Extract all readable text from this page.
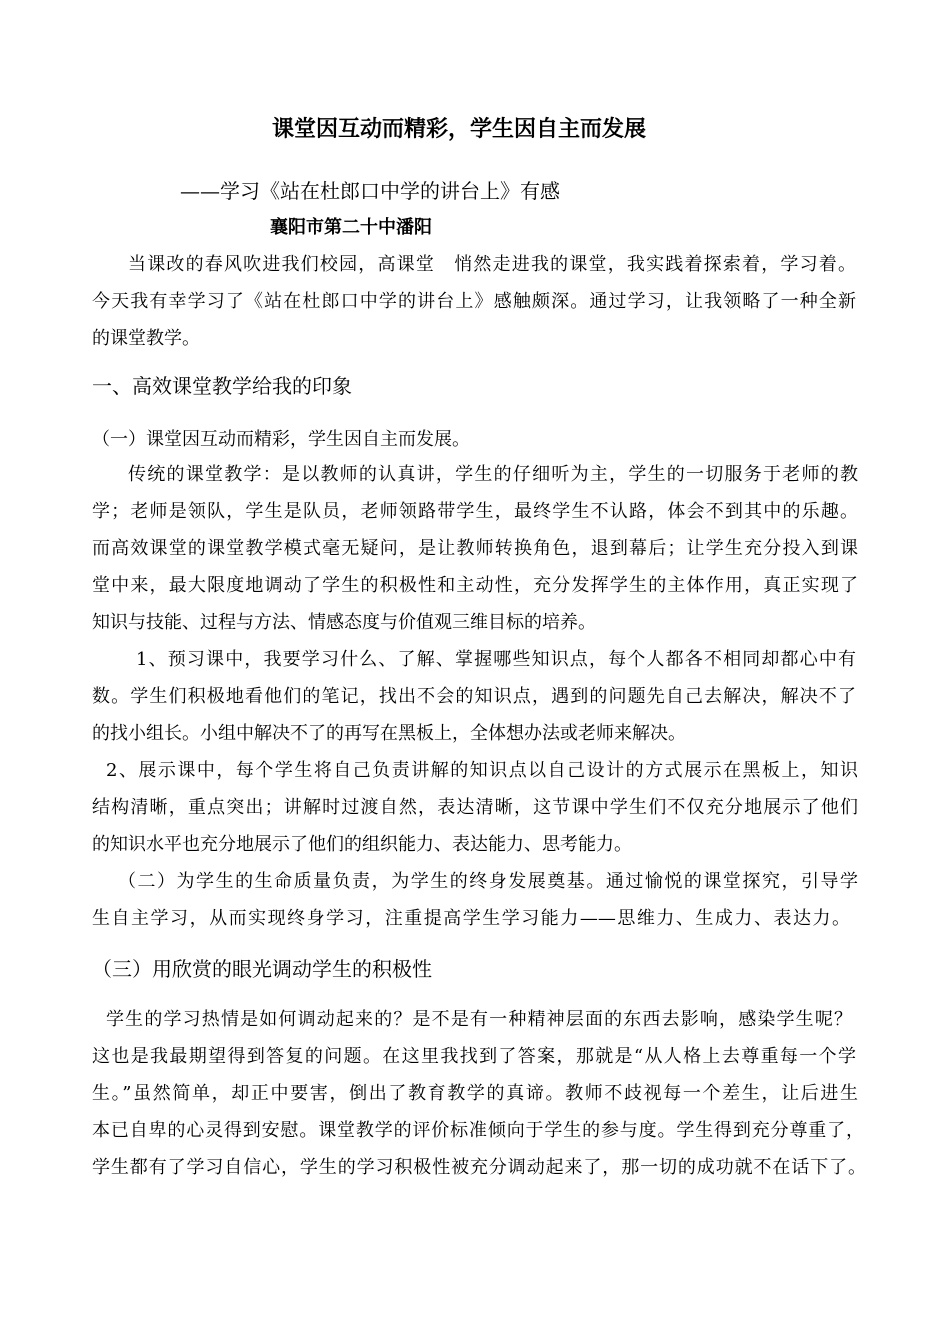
课堂因互动而精彩，学生因自主而发展
——学习《站在杜郎口中学的讲台上》有感
襄阳市第二十中潘阳
当课改的春风吹进我们校园，高课堂　悄然走进我的课堂，我实践着探索着，学习着。
今天我有幸学习了《站在杜郎口中学的讲台上》感触颇深。通过学习，让我领略了一种全新
的课堂教学。
一、高效课堂教学给我的印象
（一）课堂因互动而精彩，学生因自主而发展。
传统的课堂教学：是以教师的认真讲，学生的仔细听为主，学生的一切服务于老师的教
学；老师是领队，学生是队员，老师领路带学生，最终学生不认路，体会不到其中的乐趣。
而高效课堂的课堂教学模式毫无疑问，是让教师转换角色，退到幕后；让学生充分投入到课
堂中来，最大限度地调动了学生的积极性和主动性，充分发挥学生的主体作用，真正实现了
知识与技能、过程与方法、情感态度与价值观三维目标的培养。
1、预习课中，我要学习什么、了解、掌握哪些知识点，每个人都各不相同却都心中有
数。学生们积极地看他们的笔记，找出不会的知识点，遇到的问题先自己去解决，解决不了
的找小组长。小组中解决不了的再写在黑板上，全体想办法或老师来解决。
2、展示课中，每个学生将自己负责讲解的知识点以自己设计的方式展示在黑板上，知识
结构清晰，重点突出；讲解时过渡自然，表达清晰，这节课中学生们不仅充分地展示了他们
的知识水平也充分地展示了他们的组织能力、表达能力、思考能力。
（二）为学生的生命质量负责，为学生的终身发展奠基。通过愉悦的课堂探究，引导学
生自主学习，从而实现终身学习，注重提高学生学习能力——思维力、生成力、表达力。
（三）用欣赏的眼光调动学生的积极性
学生的学习热情是如何调动起来的？是不是有一种精神层面的东西去影响，感染学生呢？
这也是我最期望得到答复的问题。在这里我找到了答案，那就是“从人格上去尊重每一个学
生。”虽然简单，却正中要害，倒出了教育教学的真谛。教师不歧视每一个差生，让后进生
本已自卑的心灵得到安慰。课堂教学的评价标准倾向于学生的参与度。学生得到充分尊重了，
学生都有了学习自信心，学生的学习积极性被充分调动起来了，那一切的成功就不在话下了。
